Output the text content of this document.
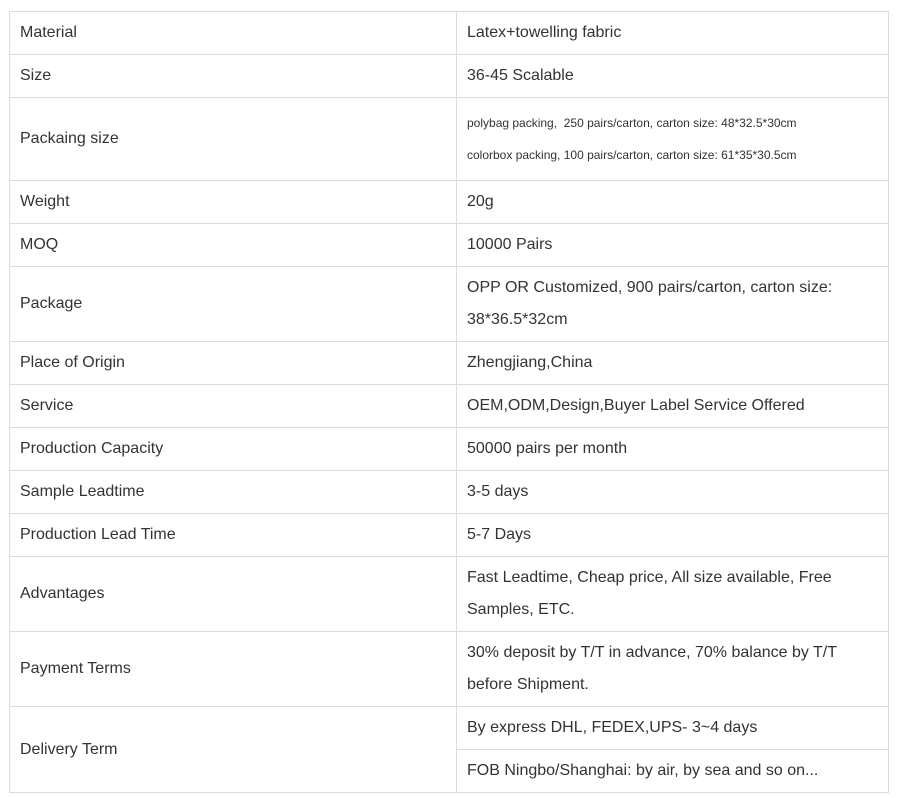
Material	Latex+towelling fabric
Size	36-45 Scalable
Packaing size	polybag packing,  250 pairs/carton, carton size: 48*32.5*30cm
colorbox packing, 100 pairs/carton, carton size: 61*35*30.5cm

Weight	20g
MOQ	10000 Pairs
Package	OPP OR Customized, 900 pairs/carton, carton size: 38*36.5*32cm
Place of Origin	Zhengjiang,China
Service	OEM,ODM,Design,Buyer Label Service Offered
Production Capacity	50000 pairs per month
Sample Leadtime	3-5 days
Production Lead Time	5-7 Days
Advantages	Fast Leadtime, Cheap price, All size available, Free Samples, ETC.
Payment Terms	30% deposit by T/T in advance, 70% balance by T/T before Shipment.
Delivery Term	By express DHL, FEDEX,UPS- 3~4 days
	FOB Ningbo/Shanghai: by air, by sea and so on...
